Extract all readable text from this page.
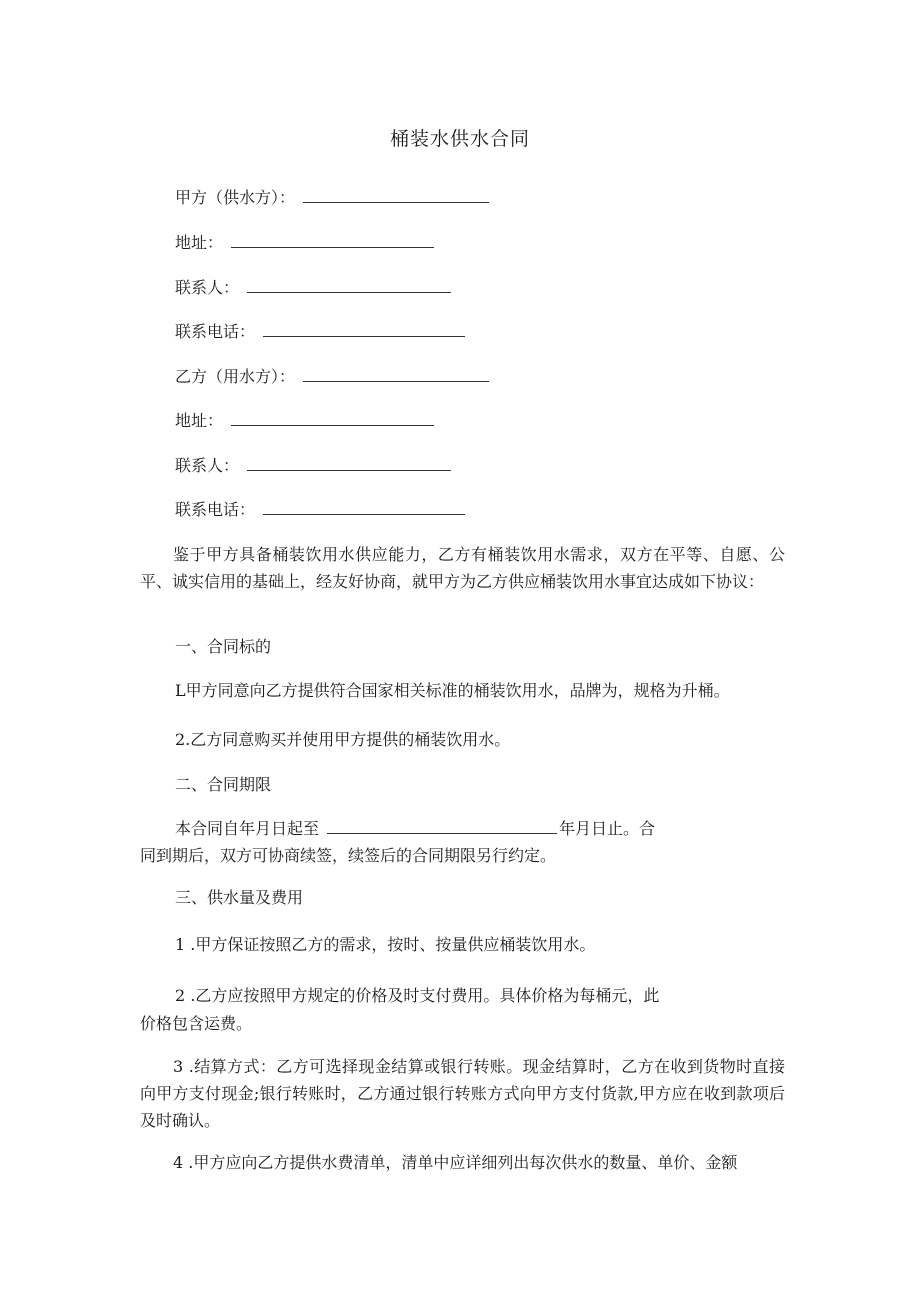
桶装水供水合同
甲方（供水方）：
地址：
联系人：
联系电话：
乙方（用水方）：
地址：
联系人：
联系电话：
鉴于甲方具备桶装饮用水供应能力，乙方有桶装饮用水需求，双方在平等、自愿、公平、诚实信用的基础上，经友好协商，就甲方为乙方供应桶装饮用水事宜达成如下协议：
一、合同标的
L甲方同意向乙方提供符合国家相关标准的桶装饮用水，品牌为，规格为升桶。
2.乙方同意购买并使用甲方提供的桶装饮用水。
二、合同期限
本合同自年月日起至	年月日止。合
同到期后，双方可协商续签，续签后的合同期限另行约定。
三、供水量及费用
1 .甲方保证按照乙方的需求，按时、按量供应桶装饮用水。
2 .乙方应按照甲方规定的价格及时支付费用。具体价格为每桶元，此
价格包含运费。
3 .结算方式：乙方可选择现金结算或银行转账。现金结算时，乙方在收到货物时直接向甲方支付现金;银行转账时，乙方通过银行转账方式向甲方支付货款,甲方应在收到款项后及时确认。
4 .甲方应向乙方提供水费清单，清单中应详细列出每次供水的数量、单价、金额
